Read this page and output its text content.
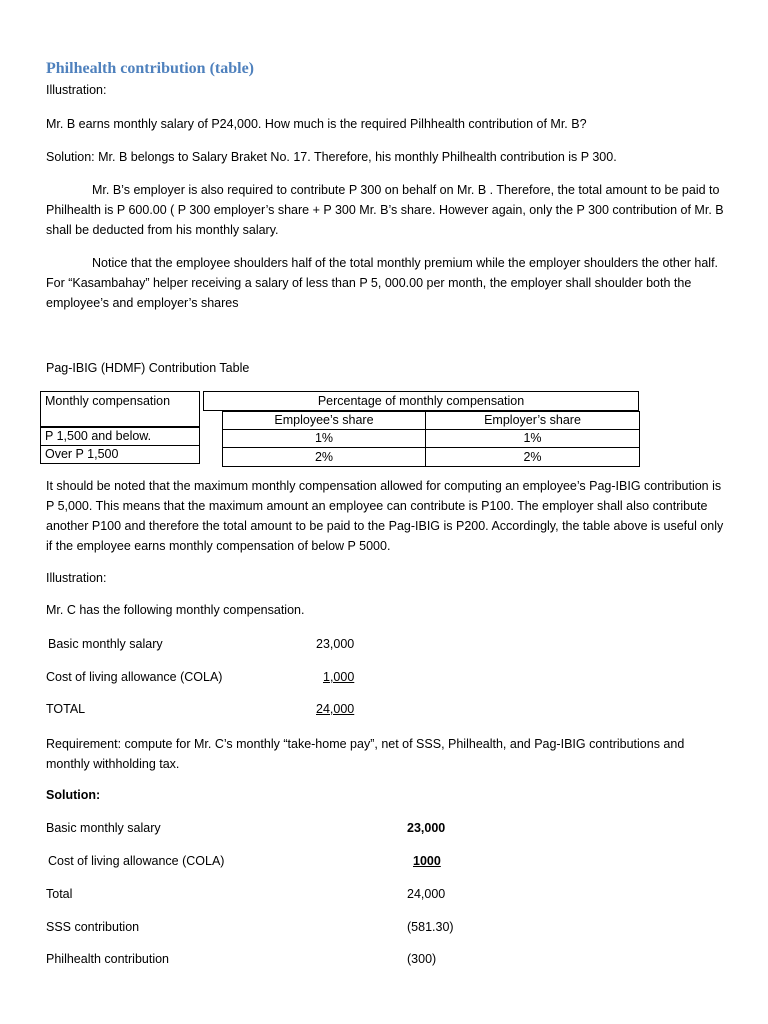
Philhealth contribution (table)
Illustration:
Mr. B earns monthly salary of P24,000. How much is the required Pilhhealth contribution of Mr. B?
Solution: Mr. B belongs to Salary Braket No. 17. Therefore, his monthly Philhealth contribution is P 300.
Mr. B’s employer is also required to contribute P 300 on behalf on Mr. B . Therefore, the total amount to be paid to Philhealth is P 600.00 ( P 300 employer’s share + P 300 Mr. B’s share. However again, only the P 300 contribution of Mr. B shall be deducted from his monthly salary.
Notice that the employee shoulders half of the total monthly premium while the employer shoulders the other half. For “Kasambahay” helper receiving a salary of less than P 5, 000.00 per month, the employer shall shoulder both the employee’s and employer’s shares
Pag-IBIG (HDMF) Contribution Table
Monthly compensation	Percentage of monthly compensation
Employee’s share	Employer’s share
P 1,500 and below.	1%	1%
Over P 1,500	2%	2%
It should be noted that the maximum monthly compensation allowed for computing an employee’s Pag-IBIG contribution is P 5,000. This means that the maximum amount an employee can contribute is P100. The employer shall also contribute another P100 and therefore the total amount to be paid to the Pag-IBIG is P200. Accordingly, the table above is useful only if the employee earns monthly compensation of below P 5000.
Illustration:
Mr. C has the following monthly compensation.
Basic monthly salary	23,000
Cost of living allowance (COLA)	1,000
TOTAL	24,000
Requirement: compute for Mr. C’s monthly “take-home pay”, net of SSS, Philhealth, and Pag-IBIG contributions and monthly withholding tax.
Solution:
Basic monthly salary	23,000
Cost of living allowance (COLA)	1000
Total	24,000
SSS contribution	(581.30)
Philhealth contribution	(300)
